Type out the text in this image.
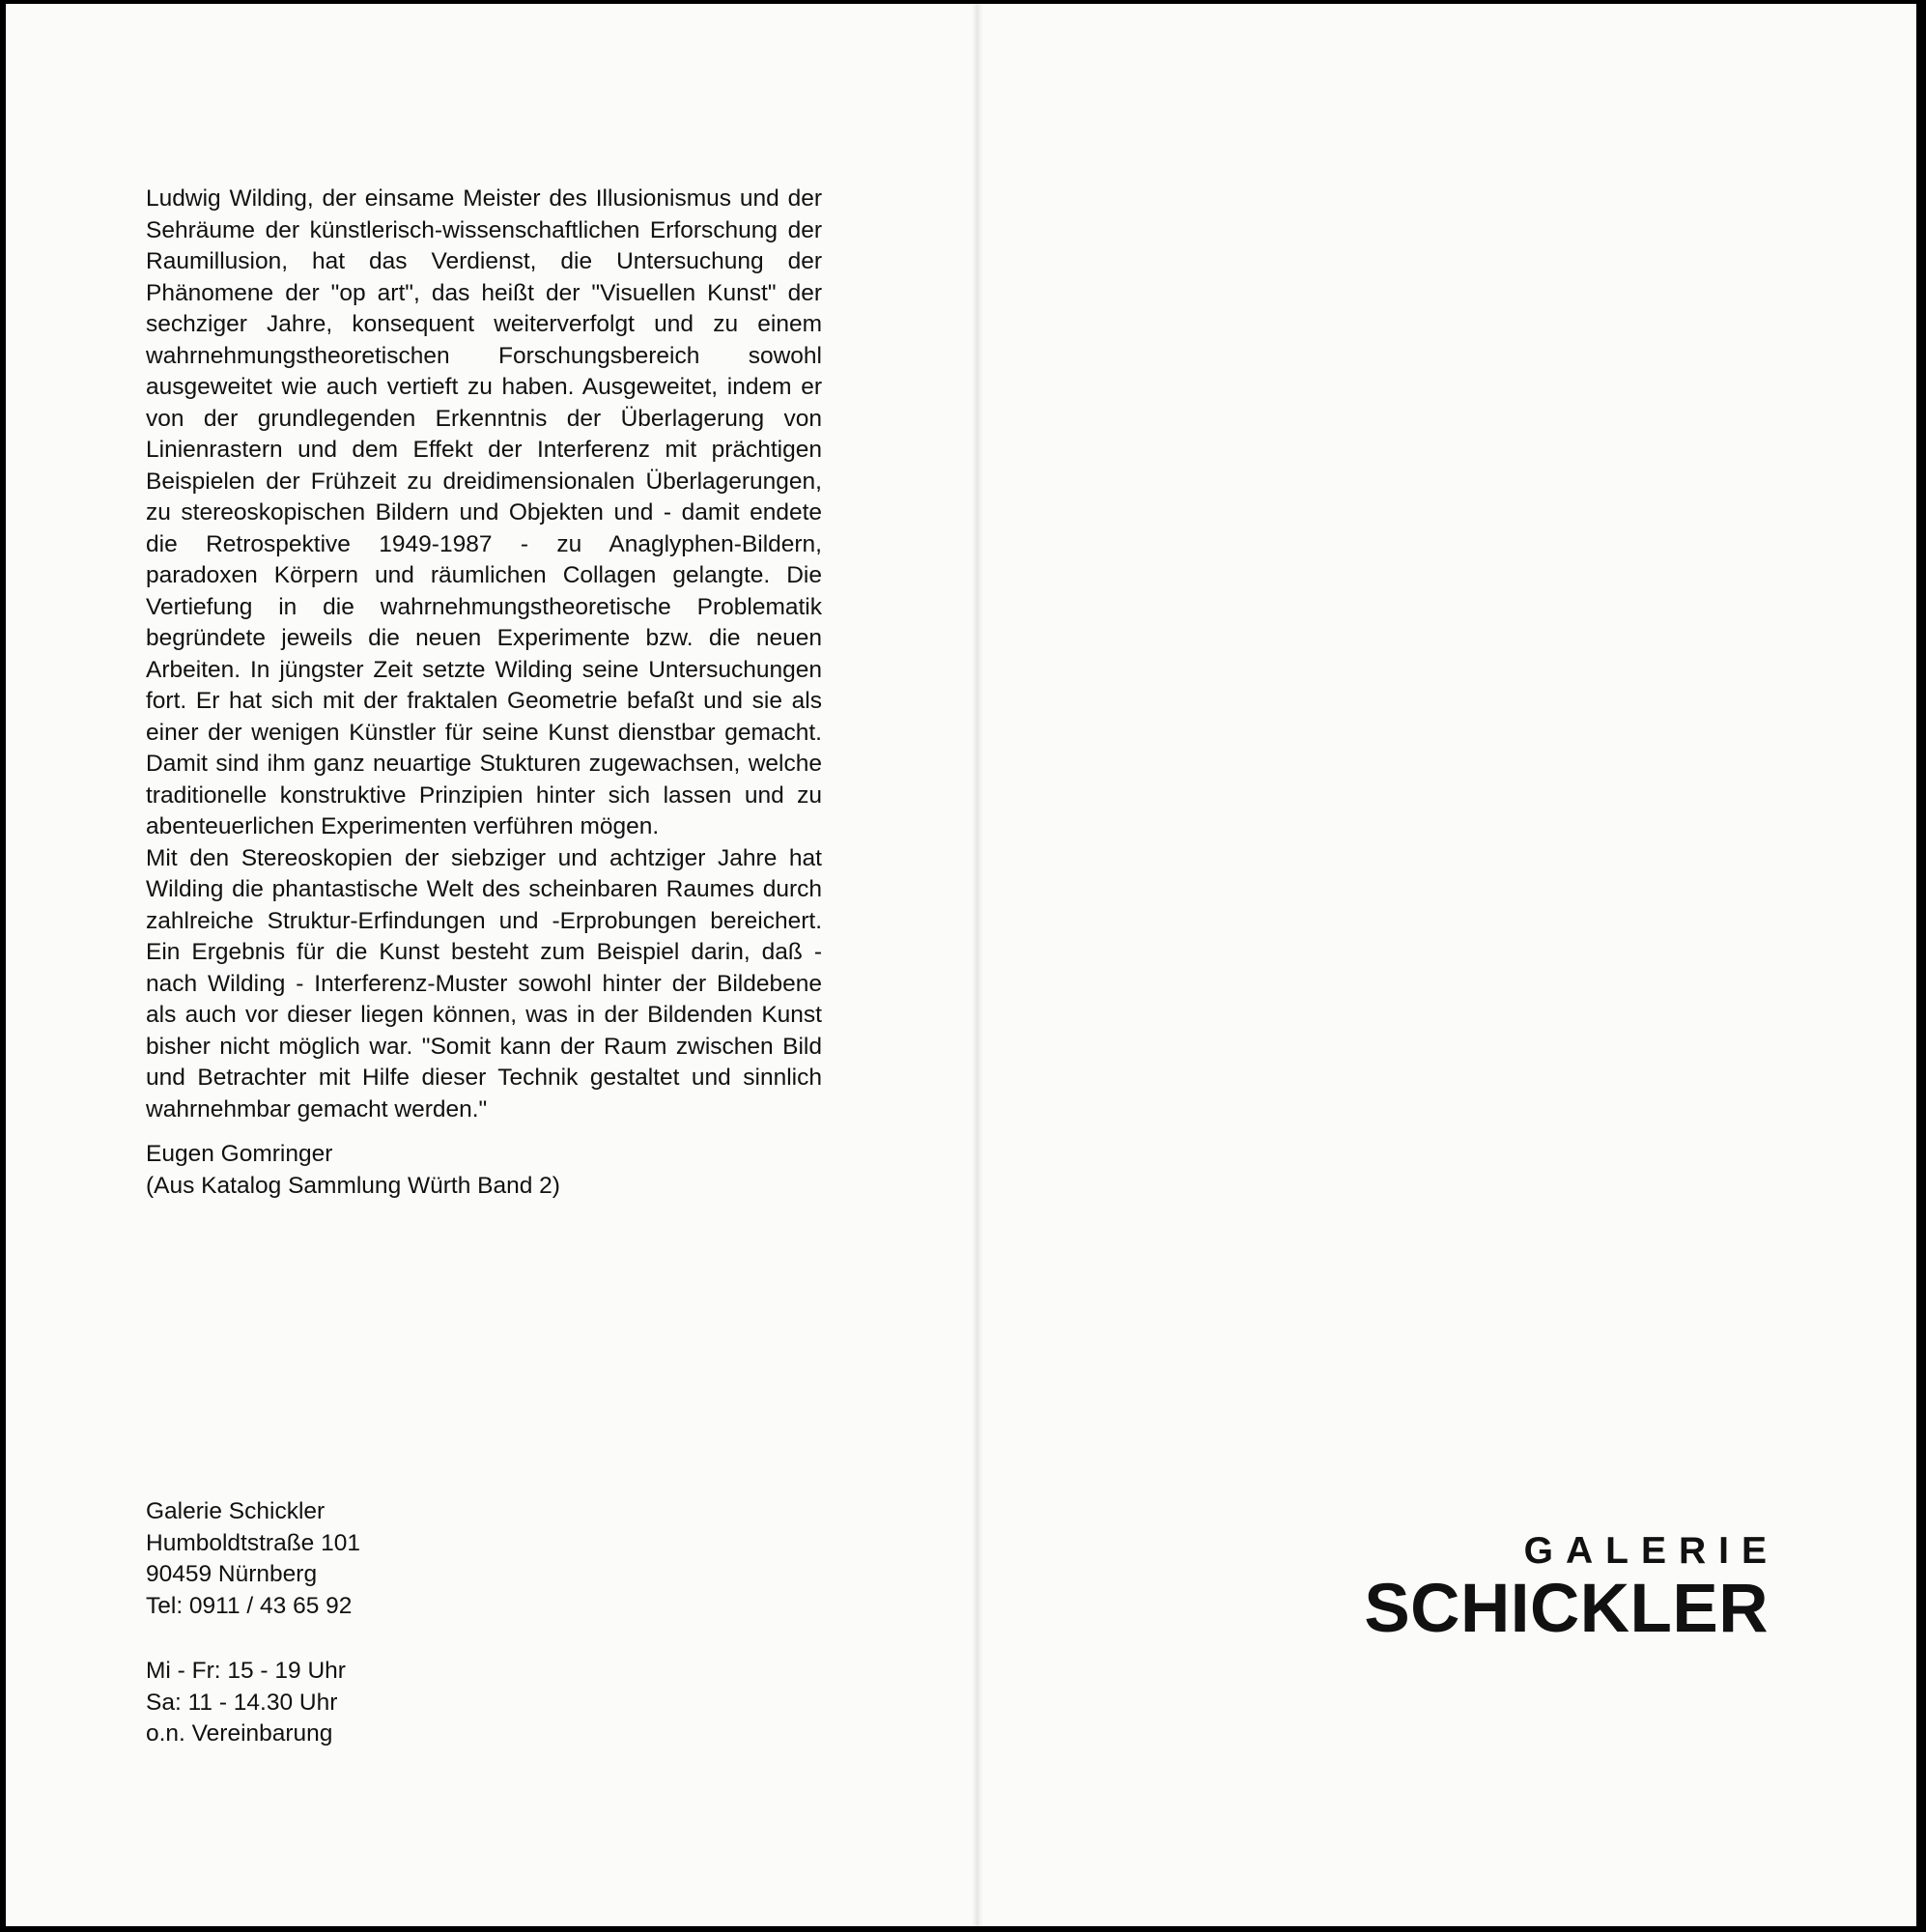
Ludwig Wilding, der einsame Meister des Illusionismus und der Sehräume der künstlerisch-wissenschaftlichen Erforschung der Raumillusion, hat das Verdienst, die Untersuchung der Phänomene der "op art", das heißt der "Visuellen Kunst" der sechziger Jahre, konsequent weiterverfolgt und zu einem wahrnehmungstheoretischen Forschungsbereich sowohl ausgeweitet wie auch vertieft zu haben. Ausgeweitet, indem er von der grundlegenden Erkenntnis der Überlagerung von Linienrastern und dem Effekt der Interferenz mit prächtigen Beispielen der Frühzeit zu dreidimensionalen Überlagerungen, zu stereoskopischen Bildern und Objekten und - damit endete die Retrospektive 1949-1987 - zu Anaglyphen-Bildern, paradoxen Körpern und räumlichen Collagen gelangte. Die Vertiefung in die wahrnehmungstheoretische Problematik begründete jeweils die neuen Experimente bzw. die neuen Arbeiten. In jüngster Zeit setzte Wilding seine Untersuchungen fort. Er hat sich mit der fraktalen Geometrie befaßt und sie als einer der wenigen Künstler für seine Kunst dienstbar gemacht. Damit sind ihm ganz neuartige Stukturen zugewachsen, welche traditionelle konstruktive Prinzipien hinter sich lassen und zu abenteuerlichen Experimenten verführen mögen.

Mit den Stereoskopien der siebziger und achtziger Jahre hat Wilding die phantastische Welt des scheinbaren Raumes durch zahlreiche Struktur-Erfindungen und -Erprobungen bereichert. Ein Ergebnis für die Kunst besteht zum Beispiel darin, daß - nach Wilding - Interferenz-Muster sowohl hinter der Bildebene als auch vor dieser liegen können, was in der Bildenden Kunst bisher nicht möglich war. "Somit kann der Raum zwischen Bild und Betrachter mit Hilfe dieser Technik gestaltet und sinnlich wahrnehmbar gemacht werden."

Eugen Gomringer
(Aus Katalog Sammlung Würth Band 2)
Galerie Schickler
Humboldtstraße 101
90459 Nürnberg
Tel: 0911 / 43 65 92
Mi - Fr: 15 - 19 Uhr
Sa: 11 - 14.30 Uhr
o.n. Vereinbarung
GALERIE
SCHICKLER
